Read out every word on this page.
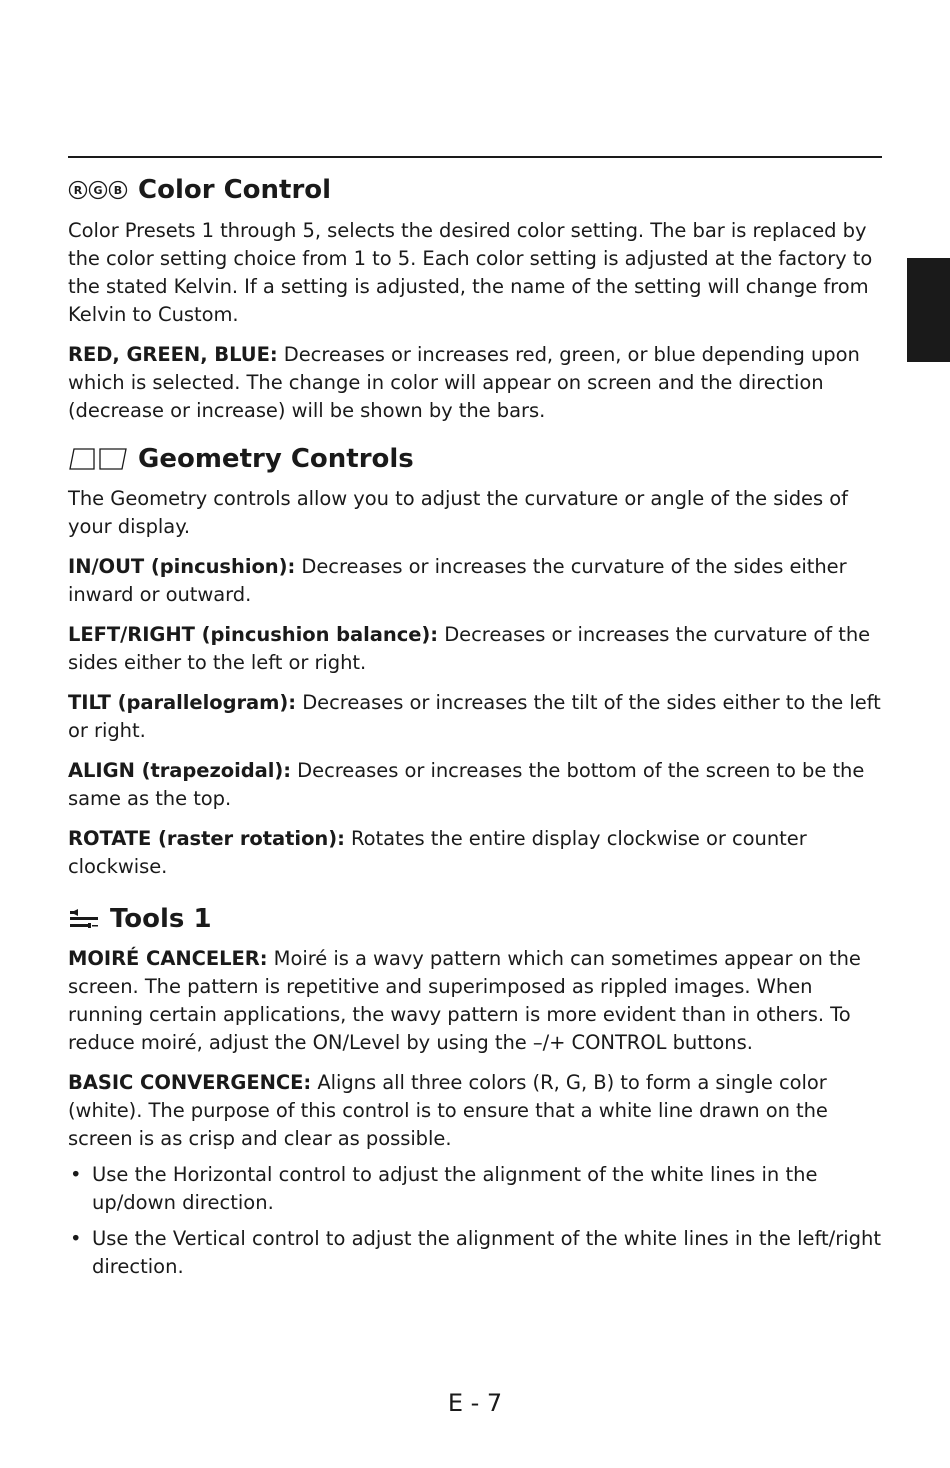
R G B Color Control

Color Presets 1 through 5, selects the desired color setting. The bar is replaced by the color setting choice from 1 to 5. Each color setting is adjusted at the factory to the stated Kelvin. If a setting is adjusted, the name of the setting will change from Kelvin to Custom.

RED, GREEN, BLUE: Decreases or increases red, green, or blue depending upon which is selected. The change in color will appear on screen and the direction (decrease or increase) will be shown by the bars.

Geometry Controls

The Geometry controls allow you to adjust the curvature or angle of the sides of your display.

IN/OUT (pincushion): Decreases or increases the curvature of the sides either inward or outward.

LEFT/RIGHT (pincushion balance): Decreases or increases the curvature of the sides either to the left or right.

TILT (parallelogram): Decreases or increases the tilt of the sides either to the left or right.

ALIGN (trapezoidal): Decreases or increases the bottom of the screen to be the same as the top.

ROTATE (raster rotation): Rotates the entire display clockwise or counter clockwise.

Tools 1

MOIRÉ CANCELER: Moiré is a wavy pattern which can sometimes appear on the screen. The pattern is repetitive and superimposed as rippled images. When running certain applications, the wavy pattern is more evident than in others. To reduce moiré, adjust the ON/Level by using the –/+ CONTROL buttons.

BASIC CONVERGENCE: Aligns all three colors (R, G, B) to form a single color (white). The purpose of this control is to ensure that a white line drawn on the screen is as crisp and clear as possible.

• Use the Horizontal control to adjust the alignment of the white lines in the up/down direction.
• Use the Vertical control to adjust the alignment of the white lines in the left/right direction.
E - 7
